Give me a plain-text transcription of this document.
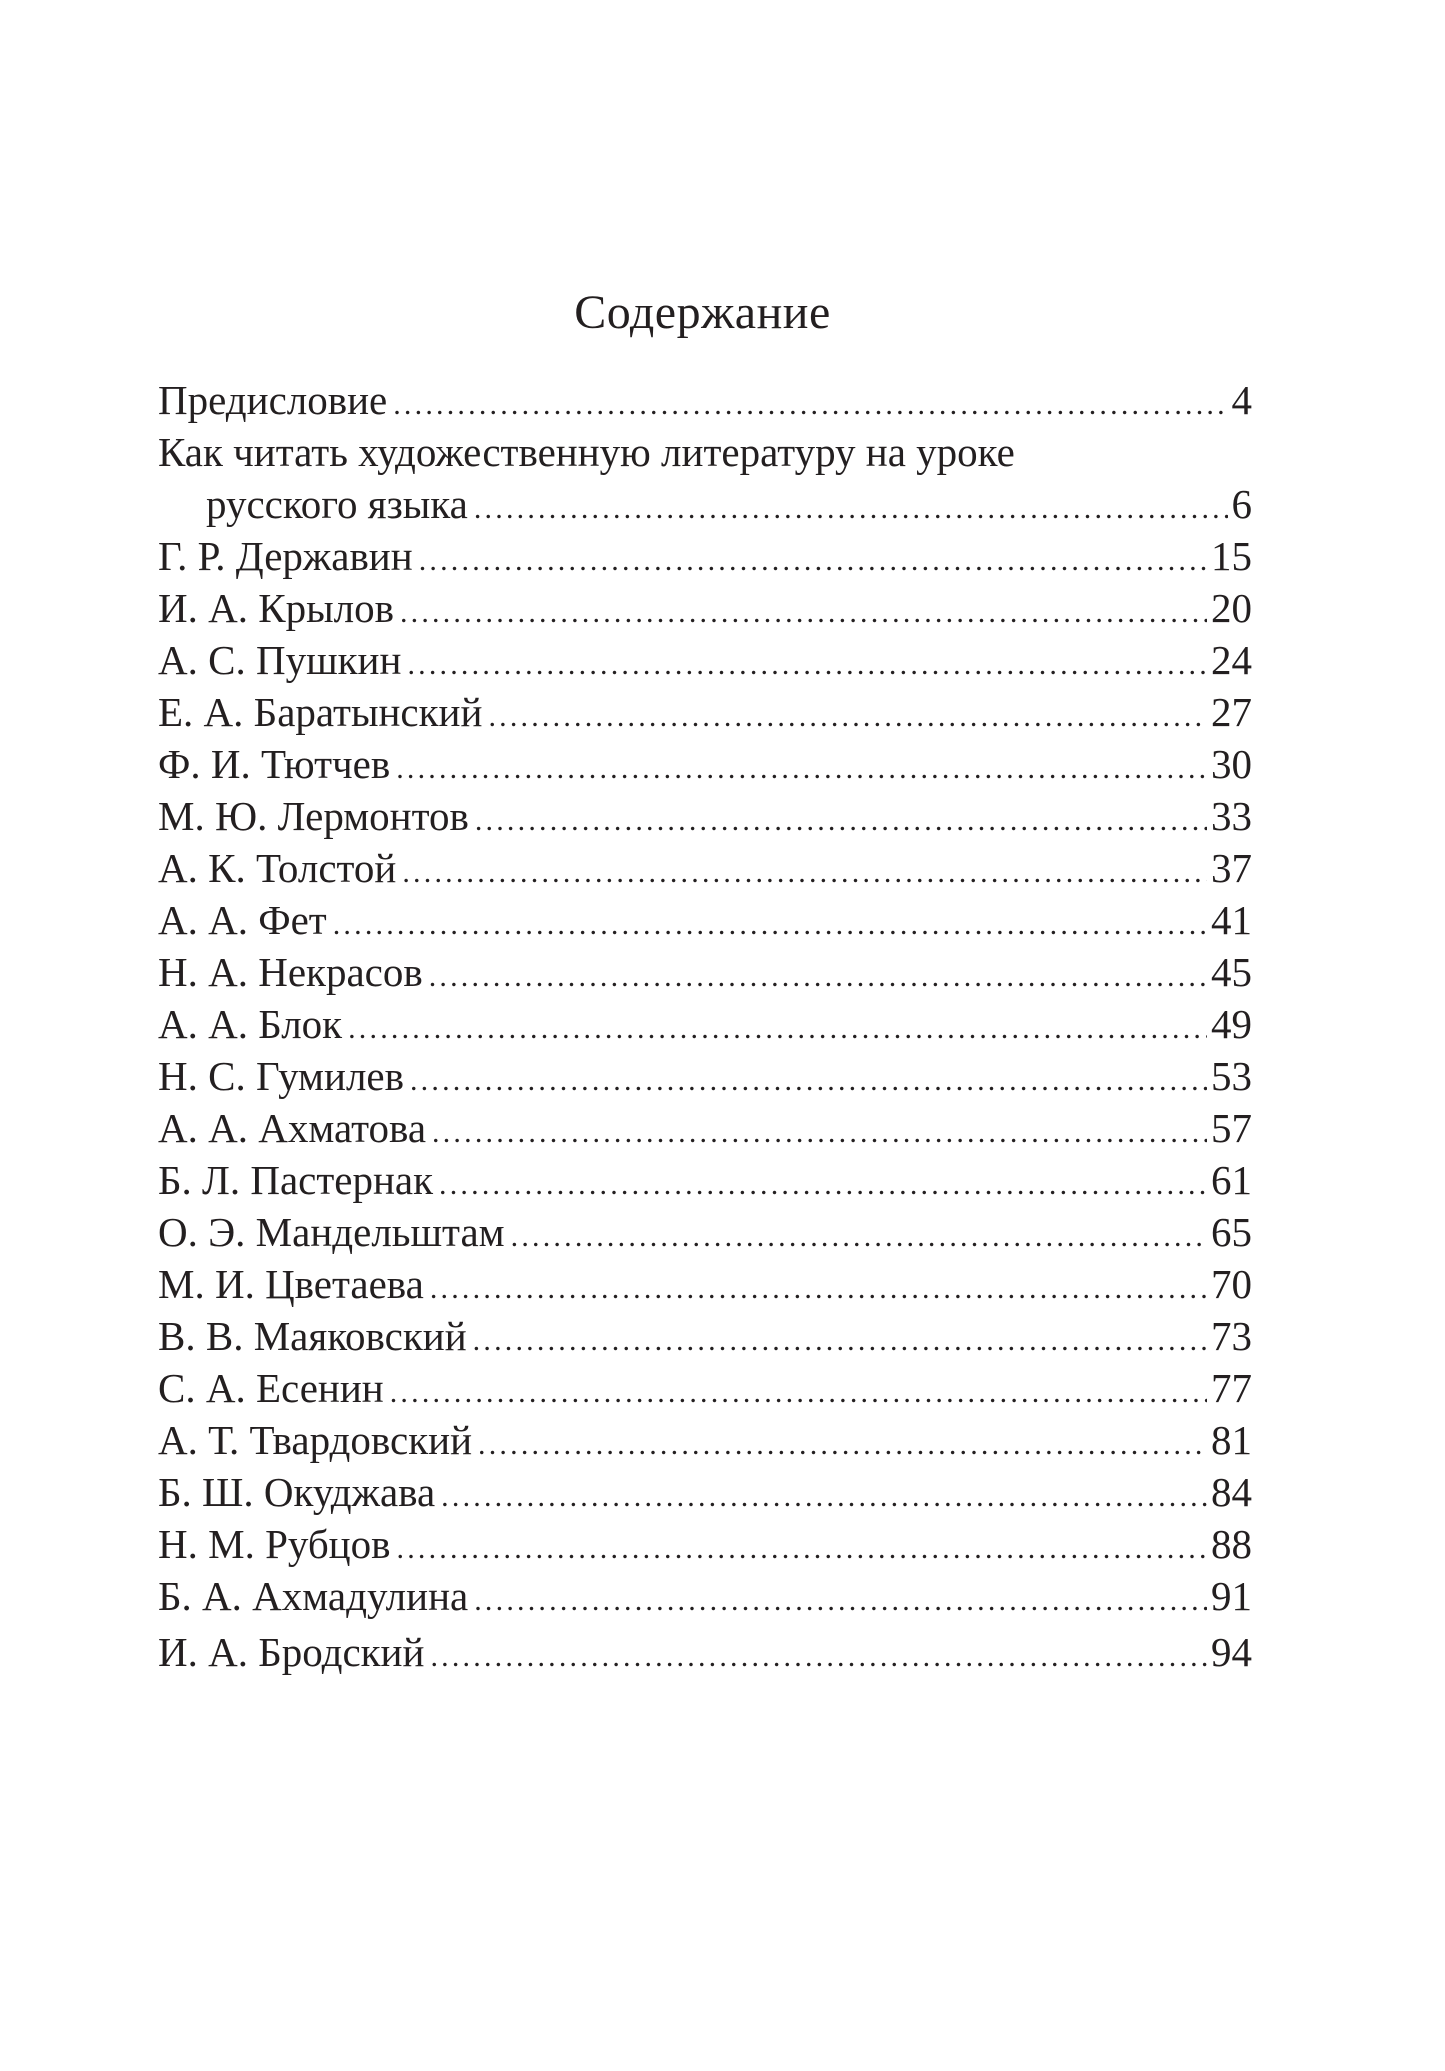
Содержание
Предисловие .....	4
Как читать художественную литературу на уроке
русского языка .....	6
Г. Р. Державин .....	15
И. А. Крылов .....	20
А. С. Пушкин .....	24
Е. А. Баратынский .....	27
Ф. И. Тютчев .....	30
М. Ю. Лермонтов .....	33
А. К. Толстой .....	37
А. А. Фет .....	41
Н. А. Некрасов .....	45
А. А. Блок .....	49
Н. С. Гумилев .....	53
А. А. Ахматова .....	57
Б. Л. Пастернак .....	61
О. Э. Мандельштам .....	65
М. И. Цветаева .....	70
В. В. Маяковский .....	73
С. А. Есенин .....	77
А. Т. Твардовский .....	81
Б. Ш. Окуджава .....	84
Н. М. Рубцов .....	88
Б. А. Ахмадулина .....	91
И. А. Бродский .....	94
